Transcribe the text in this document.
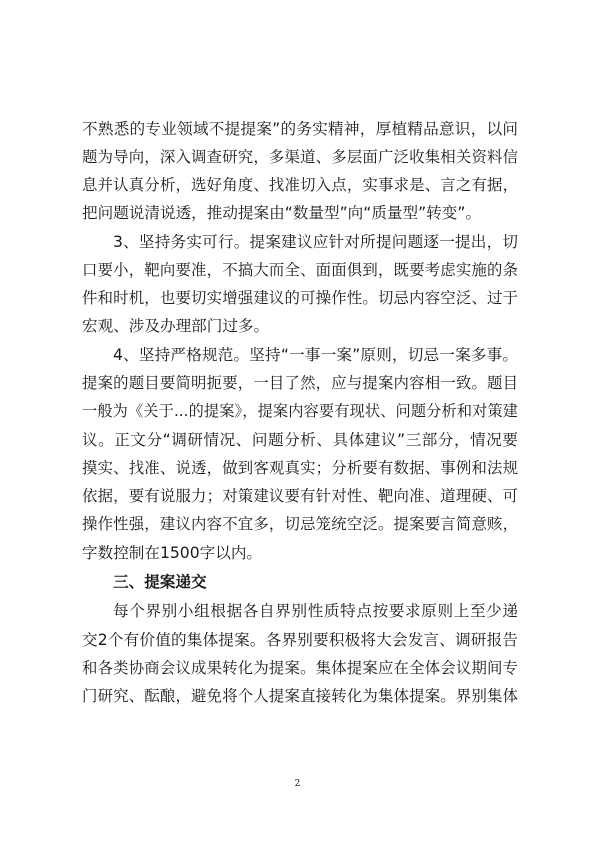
不熟悉的专业领域不提提案”的务实精神，厚植精品意识，以问
题为导向，深入调查研究，多渠道、多层面广泛收集相关资料信
息并认真分析，选好角度、找准切入点，实事求是、言之有据，
把问题说清说透，推动提案由“数量型”向“质量型”转变”。
3、坚持务实可行。提案建议应针对所提问题逐一提出，切
口要小，靶向要准，不搞大而全、面面俱到，既要考虑实施的条
件和时机，也要切实增强建议的可操作性。切忌内容空泛、过于
宏观、涉及办理部门过多。
4、坚持严格规范。坚持“一事一案”原则，切忌一案多事。
提案的题目要简明扼要，一目了然，应与提案内容相一致。题目
一般为《关于...的提案》，提案内容要有现状、问题分析和对策建
议。正文分“调研情况、问题分析、具体建议”三部分，情况要
摸实、找准、说透，做到客观真实；分析要有数据、事例和法规
依据，要有说服力；对策建议要有针对性、靶向准、道理硬、可
操作性强，建议内容不宜多，切忌笼统空泛。提案要言简意赅，
字数控制在1500字以内。
三、提案递交
每个界别小组根据各自界别性质特点按要求原则上至少递
交2个有价值的集体提案。各界别要积极将大会发言、调研报告
和各类协商会议成果转化为提案。集体提案应在全体会议期间专
门研究、酝酿，避免将个人提案直接转化为集体提案。界别集体
2
